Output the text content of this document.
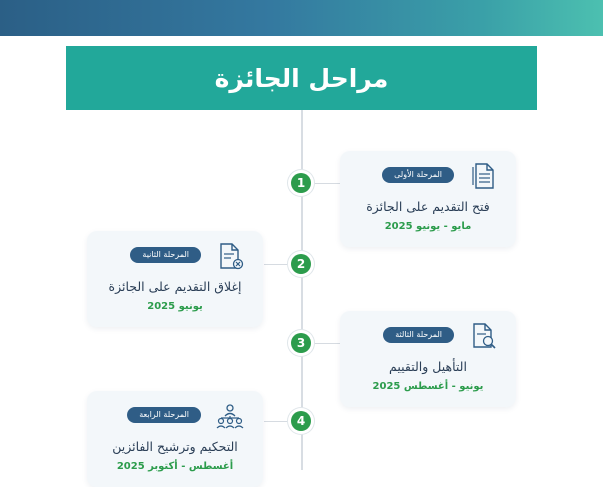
مراحل الجائزة
1
2
3
4
المرحلة الأولى
فتح التقديم على الجائزة
مايو - يونيو 2025
المرحلة الثانية
إغلاق التقديم على الجائزة
يونيو 2025
المرحلة الثالثة
التأهيل والتقييم
يونيو - أغسطس 2025
المرحلة الرابعة
التحكيم وترشيح الفائزين
أغسطس - أكتوبر 2025
